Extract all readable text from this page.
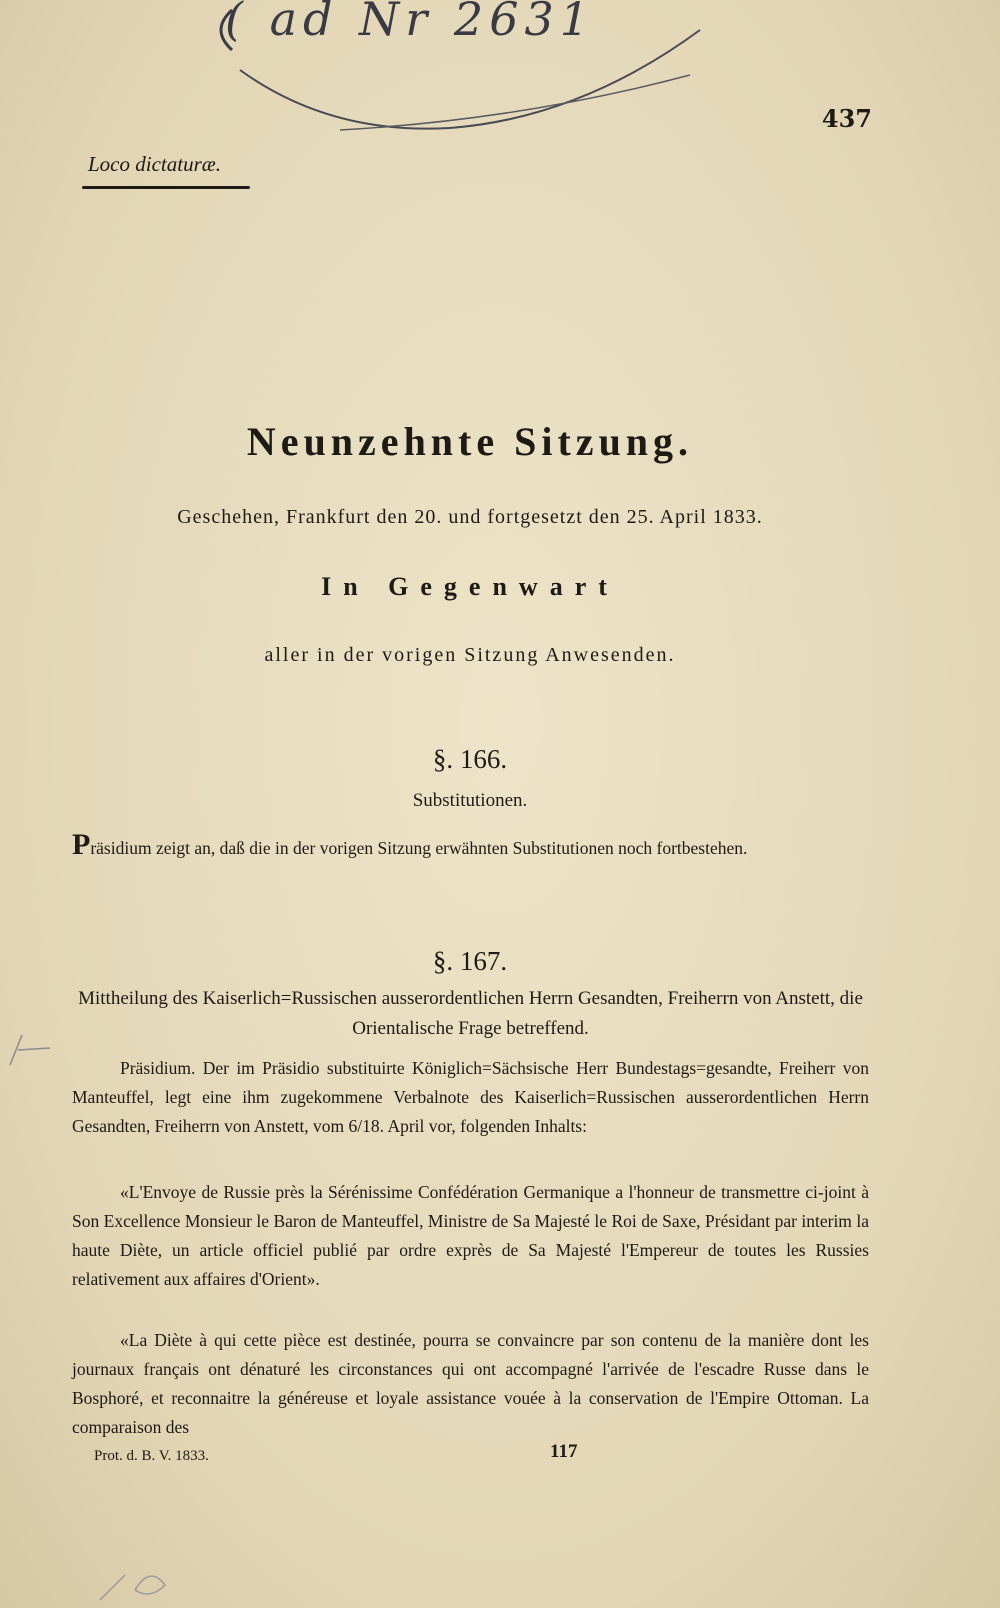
( ad Nr 2631
437
Loco dictaturæ.
Neunzehnte Sitzung.
Geschehen, Frankfurt den 20. und fortgesetzt den 25. April 1833.
In Gegenwart
aller in der vorigen Sitzung Anwesenden.
§. 166.
Substitutionen.
Präsidium zeigt an, daß die in der vorigen Sitzung erwähnten Substitutionen noch fortbestehen.
§. 167.
Mittheilung des Kaiserlich=Russischen ausserordentlichen Herrn Gesandten, Freiherrn von Anstett, die Orientalische Frage betreffend.
Präsidium. Der im Präsidio substituirte Königlich=Sächsische Herr Bundestags=gesandte, Freiherr von Manteuffel, legt eine ihm zugekommene Verbalnote des Kaiserlich=Russischen ausserordentlichen Herrn Gesandten, Freiherrn von Anstett, vom 6/18. April vor, folgenden Inhalts:
«L'Envoye de Russie près la Sérénissime Confédération Germanique a l'honneur de transmettre ci-joint à Son Excellence Monsieur le Baron de Manteuffel, Ministre de Sa Majesté le Roi de Saxe, Présidant par interim la haute Diète, un article officiel publié par ordre exprès de Sa Majesté l'Empereur de toutes les Russies relativement aux affaires d'Orient».
«La Diète à qui cette pièce est destinée, pourra se convaincre par son contenu de la manière dont les journaux français ont dénaturé les circonstances qui ont accompagné l'arrivée de l'escadre Russe dans le Bosphoré, et reconnaitre la généreuse et loyale assistance vouée à la conservation de l'Empire Ottoman. La comparaison des
Prot. d. B. V. 1833.	117
